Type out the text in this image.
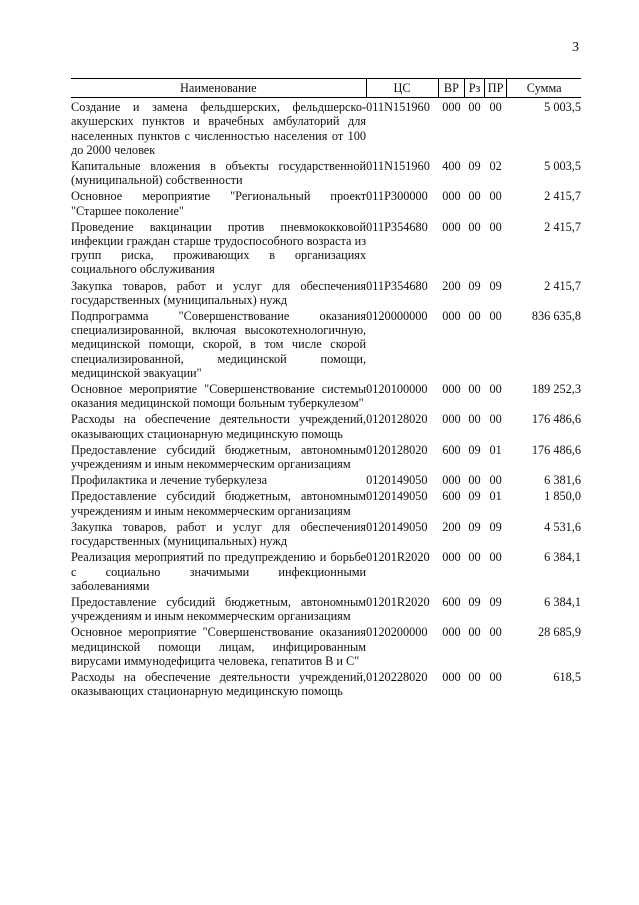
3
Наименование	ЦС	ВР	Рз	ПР	Сумма
Создание и замена фельдшерских, фельдшерско-акушерских пунктов и врачебных амбулаторий для населенных пунктов с численностью населения от 100 до 2000 человек	011N151960	000	00	00	5 003,5
Капитальные вложения в объекты государственной (муниципальной) собственности	011N151960	400	09	02	5 003,5
Основное мероприятие "Региональный проект "Старшее поколение"	011P300000	000	00	00	2 415,7
Проведение вакцинации против пневмококковой инфекции граждан старше трудоспособного возраста из групп риска, проживающих в организациях социального обслуживания	011P354680	000	00	00	2 415,7
Закупка товаров, работ и услуг для обеспечения государственных (муниципальных) нужд	011P354680	200	09	09	2 415,7
Подпрограмма "Совершенствование оказания специализированной, включая высокотехнологичную, медицинской помощи, скорой, в том числе скорой специализированной, медицинской помощи, медицинской эвакуации"	0120000000	000	00	00	836 635,8
Основное мероприятие "Совершенствование системы оказания медицинской помощи больным туберкулезом"	0120100000	000	00	00	189 252,3
Расходы на обеспечение деятельности учреждений, оказывающих стационарную медицинскую помощь	0120128020	000	00	00	176 486,6
Предоставление субсидий бюджетным, автономным учреждениям и иным некоммерческим организациям	0120128020	600	09	01	176 486,6
Профилактика и лечение туберкулеза	0120149050	000	00	00	6 381,6
Предоставление субсидий бюджетным, автономным учреждениям и иным некоммерческим организациям	0120149050	600	09	01	1 850,0
Закупка товаров, работ и услуг для обеспечения государственных (муниципальных) нужд	0120149050	200	09	09	4 531,6
Реализация мероприятий по предупреждению и борьбе с социально значимыми инфекционными заболеваниями	01201R2020	000	00	00	6 384,1
Предоставление субсидий бюджетным, автономным учреждениям и иным некоммерческим организациям	01201R2020	600	09	09	6 384,1
Основное мероприятие "Совершенствование оказания медицинской помощи лицам, инфицированным вирусами иммунодефицита человека, гепатитов В и С"	0120200000	000	00	00	28 685,9
Расходы на обеспечение деятельности учреждений, оказывающих стационарную медицинскую помощь	0120228020	000	00	00	618,5
